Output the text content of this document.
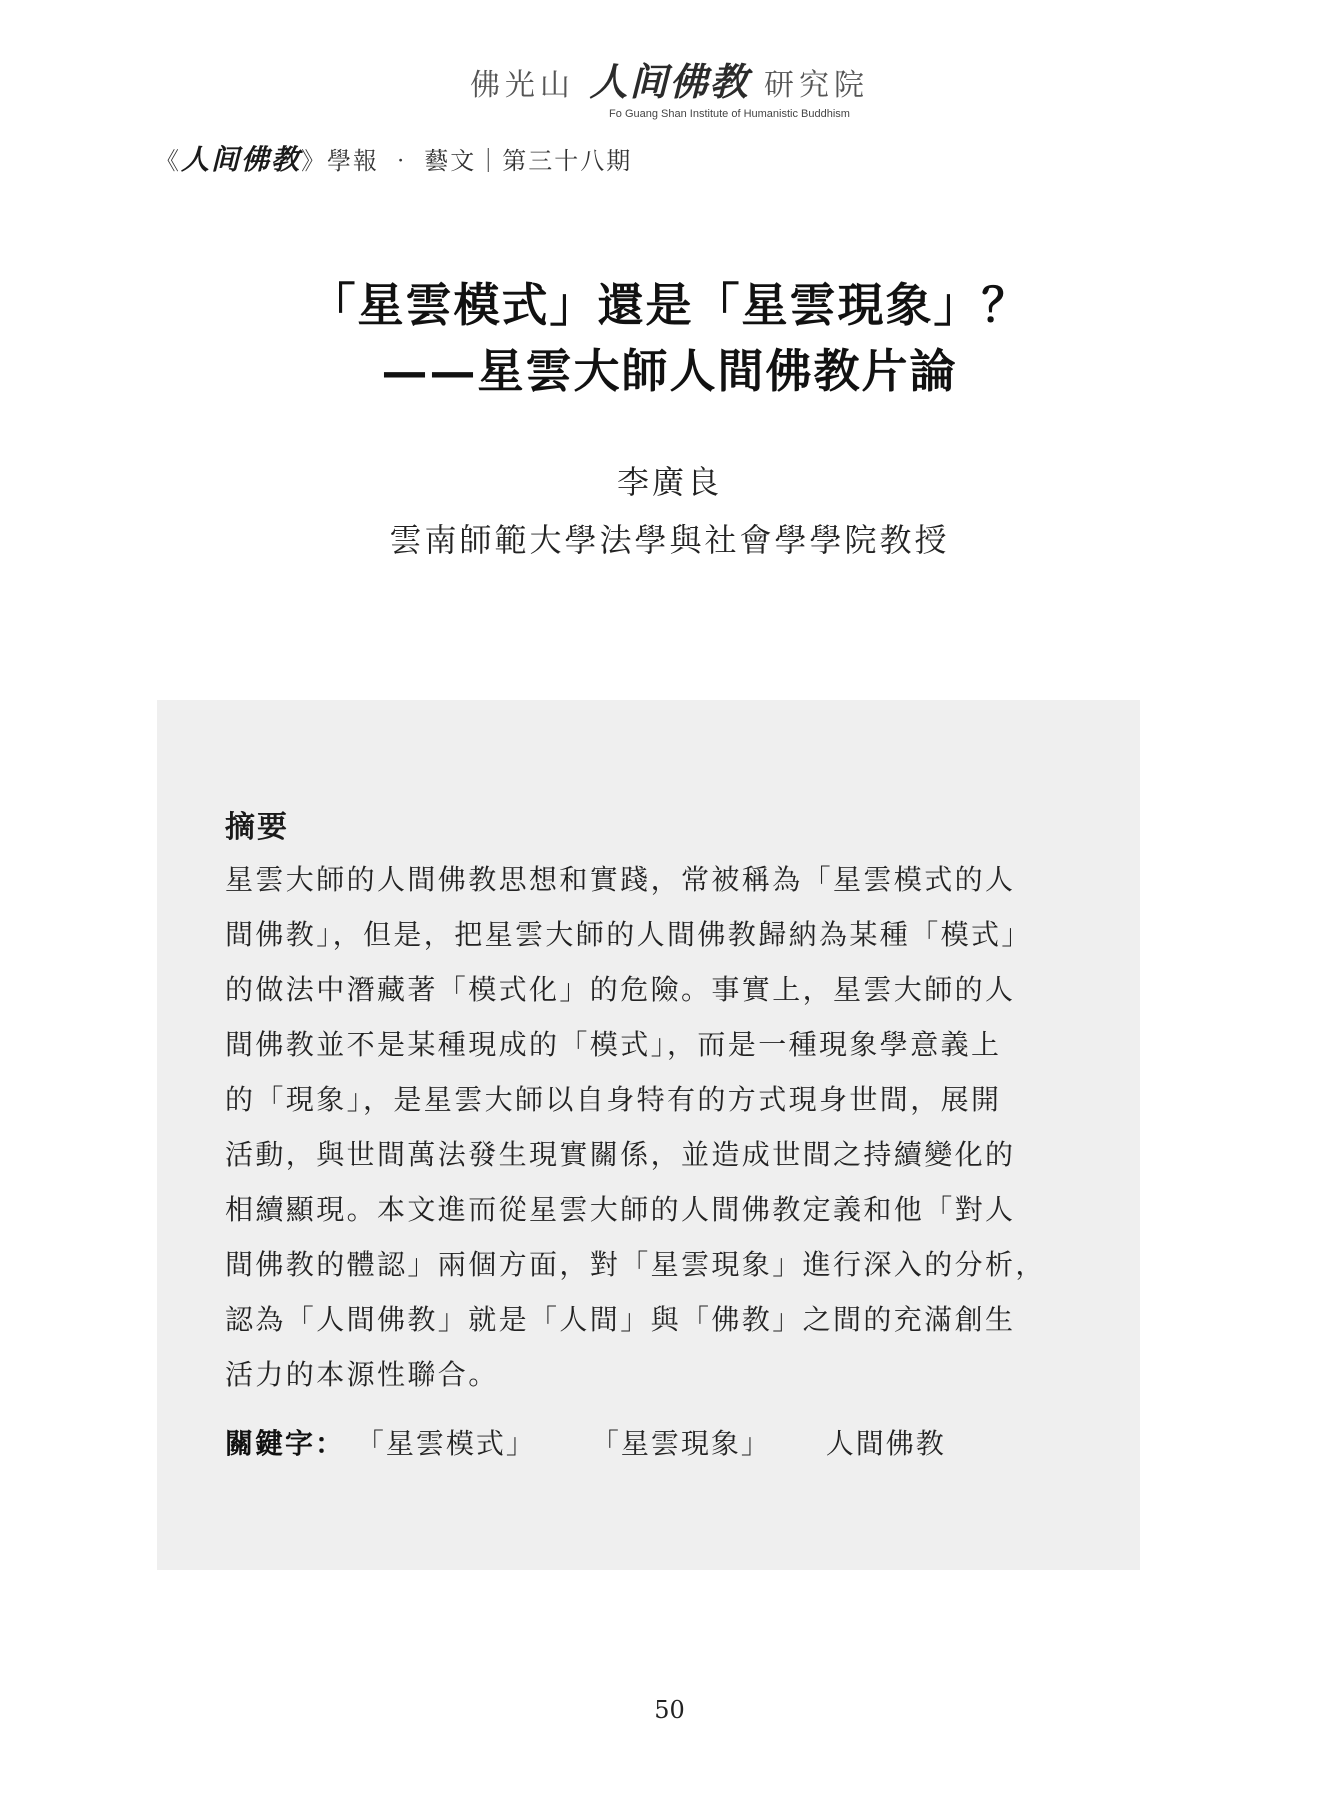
佛光山 人间佛教 研究院
Fo Guang Shan Institute of Humanistic Buddhism
《人间佛教》學報 ‧ 藝文｜第三十八期
「星雲模式」還是「星雲現象」？
——星雲大師人間佛教片論
李廣良
雲南師範大學法學與社會學學院教授
摘要
星雲大師的人間佛教思想和實踐，常被稱為「星雲模式的人
間佛教」，但是，把星雲大師的人間佛教歸納為某種「模式」
的做法中潛藏著「模式化」的危險。事實上，星雲大師的人
間佛教並不是某種現成的「模式」，而是一種現象學意義上
的「現象」，是星雲大師以自身特有的方式現身世間，展開
活動，與世間萬法發生現實關係，並造成世間之持續變化的
相續顯現。本文進而從星雲大師的人間佛教定義和他「對人
間佛教的體認」兩個方面，對「星雲現象」進行深入的分析，
認為「人間佛教」就是「人間」與「佛教」之間的充滿創生
活力的本源性聯合。
關鍵字： 「星雲模式」 「星雲現象」 人間佛教
50
